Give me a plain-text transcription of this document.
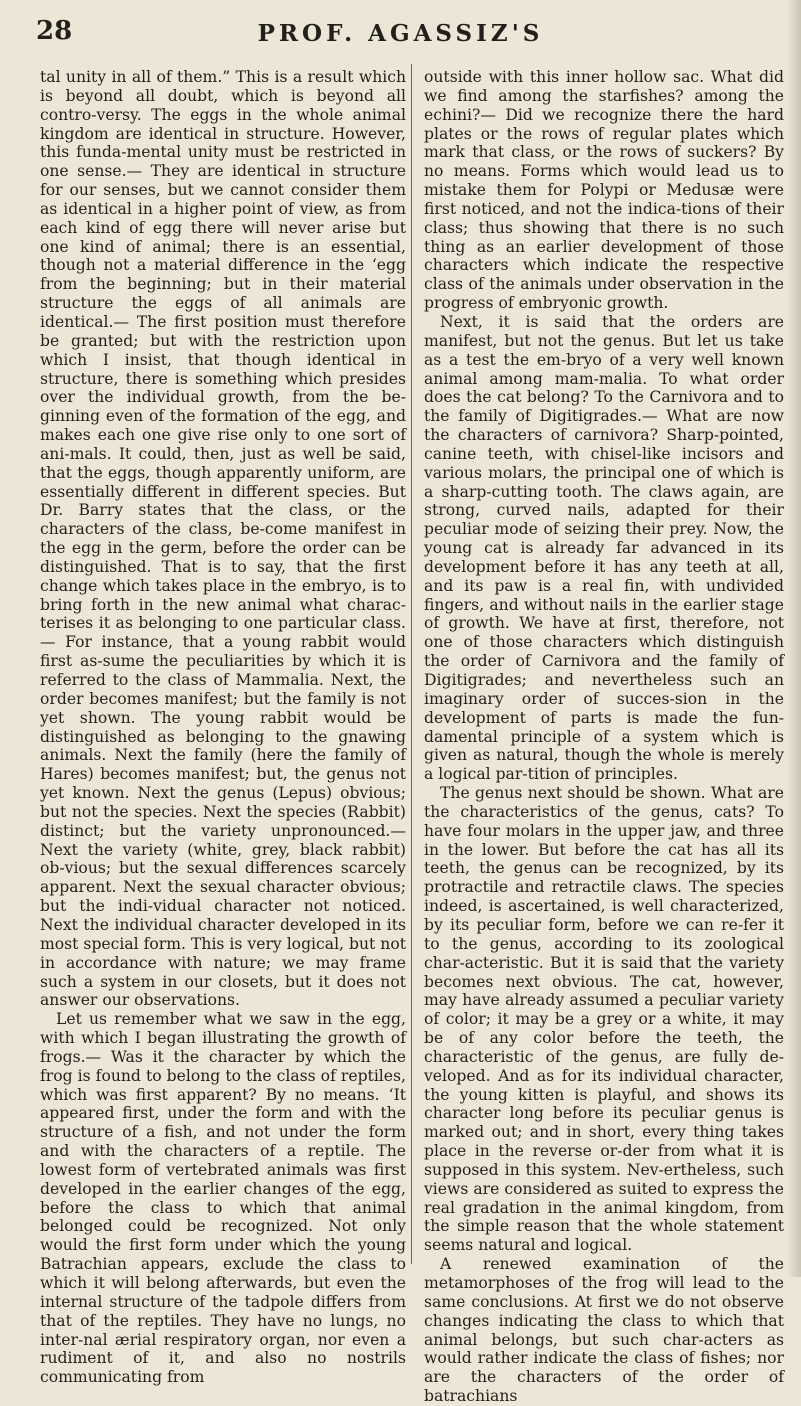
28	PROF. AGASSIZ'S

tal unity in all of them.” This is a result which is beyond all doubt, which is beyond all contro-versy. The eggs in the whole animal kingdom are identical in structure. However, this funda-mental unity must be restricted in one sense.— They are identical in structure for our senses, but we cannot consider them as identical in a higher point of view, as from each kind of egg there will never arise but one kind of animal; there is an essential, though not a material difference in the ‘egg from the beginning; but in their material structure the eggs of all animals are identical.— The first position must therefore be granted; but with the restriction upon which I insist, that though identical in structure, there is something which presides over the individual growth, from the be-ginning even of the formation of the egg, and makes each one give rise only to one sort of ani-mals. It could, then, just as well be said, that the eggs, though apparently uniform, are essentially different in different species. But Dr. Barry states that the class, or the characters of the class, be-come manifest in the egg in the germ, before the order can be distinguished. That is to say, that the first change which takes place in the embryo, is to bring forth in the new animal what charac-terises it as belonging to one particular class.— For instance, that a young rabbit would first as-sume the peculiarities by which it is referred to the class of Mammalia. Next, the order becomes manifest; but the family is not yet shown. The young rabbit would be distinguished as belonging to the gnawing animals. Next the family (here the family of Hares) becomes manifest; but, the genus not yet known. Next the genus (Lepus) obvious; but not the species. Next the species (Rabbit) distinct; but the variety unpronounced.— Next the variety (white, grey, black rabbit) ob-vious; but the sexual differences scarcely apparent. Next the sexual character obvious; but the indi-vidual character not noticed. Next the individual character developed in its most special form. This is very logical, but not in accordance with nature; we may frame such a system in our closets, but it does not answer our observations.

Let us remember what we saw in the egg, with which I began illustrating the growth of frogs.— Was it the character by which the frog is found to belong to the class of reptiles, which was first apparent? By no means. ‘It appeared first, under the form and with the structure of a fish, and not under the form and with the characters of a reptile. The lowest form of vertebrated animals was first developed in the earlier changes of the egg, before the class to which that animal belonged could be recognized. Not only would the first form under which the young Batrachian appears, exclude the class to which it will belong afterwards, but even the internal structure of the tadpole differs from that of the reptiles. They have no lungs, no inter-nal ærial respiratory organ, nor even a rudiment of it, and also no nostrils communicating from

outside with this inner hollow sac. What did we find among the starfishes? among the echini?— Did we recognize there the hard plates or the rows of regular plates which mark that class, or the rows of suckers? By no means. Forms which would lead us to mistake them for Polypi or Medusæ were first noticed, and not the indica-tions of their class; thus showing that there is no such thing as an earlier development of those characters which indicate the respective class of the animals under observation in the progress of embryonic growth.

Next, it is said that the orders are manifest, but not the genus. But let us take as a test the em-bryo of a very well known animal among mam-malia. To what order does the cat belong? To the Carnivora and to the family of Digitigrades.— What are now the characters of carnivora? Sharp-pointed, canine teeth, with chisel-like incisors and various molars, the principal one of which is a sharp-cutting tooth. The claws again, are strong, curved nails, adapted for their peculiar mode of seizing their prey. Now, the young cat is already far advanced in its development before it has any teeth at all, and its paw is a real fin, with undivided fingers, and without nails in the earlier stage of growth. We have at first, therefore, not one of those characters which distinguish the order of Carnivora and the family of Digitigrades; and nevertheless such an imaginary order of succes-sion in the development of parts is made the fun-damental principle of a system which is given as natural, though the whole is merely a logical par-tition of principles.

The genus next should be shown. What are the characteristics of the genus, cats? To have four molars in the upper jaw, and three in the lower. But before the cat has all its teeth, the genus can be recognized, by its protractile and retractile claws. The species indeed, is ascertained, is well characterized, by its peculiar form, before we can re-fer it to the genus, according to its zoological char-acteristic. But it is said that the variety becomes next obvious. The cat, however, may have already assumed a peculiar variety of color; it may be a grey or a white, it may be of any color before the teeth, the characteristic of the genus, are fully de-veloped. And as for its individual character, the young kitten is playful, and shows its character long before its peculiar genus is marked out; and in short, every thing takes place in the reverse or-der from what it is supposed in this system. Nev-ertheless, such views are considered as suited to express the real gradation in the animal kingdom, from the simple reason that the whole statement seems natural and logical.

A renewed examination of the metamorphoses of the frog will lead to the same conclusions. At first we do not observe changes indicating the class to which that animal belongs, but such char-acters as would rather indicate the class of fishes; nor are the characters of the order of batrachians
